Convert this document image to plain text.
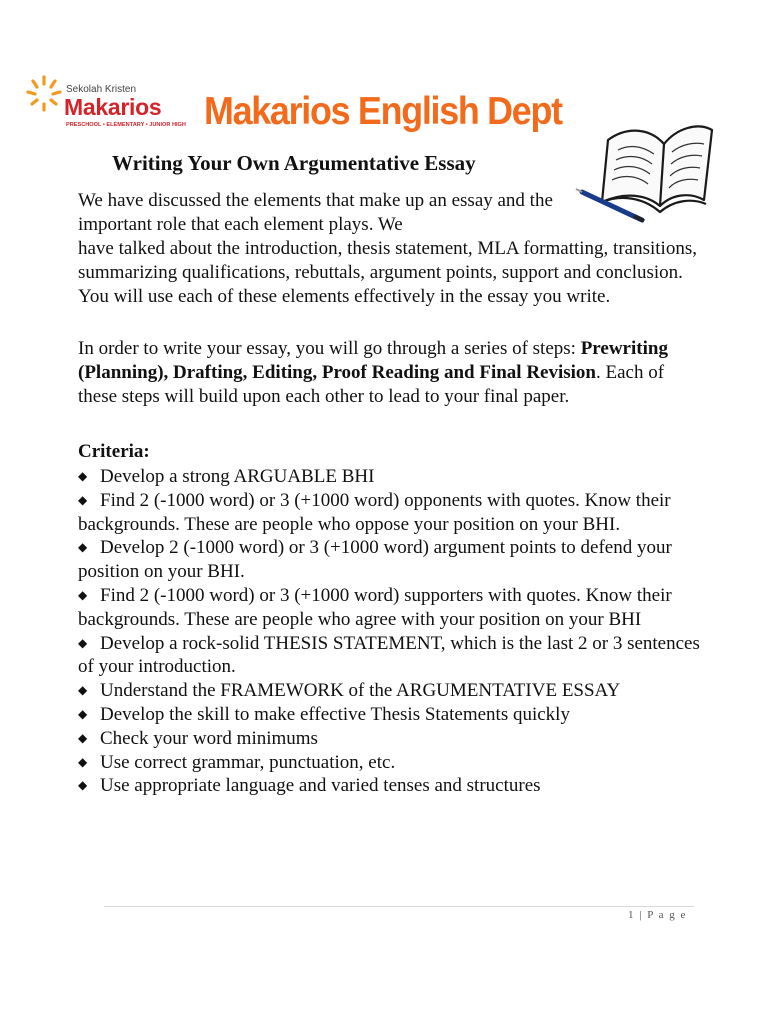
Sekolah Kristen
Makarios
PRESCHOOL • ELEMENTARY • JUNIOR HIGH Makarios English Dept
Writing Your Own Argumentative Essay

We have discussed the elements that make up an essay and the important role that each element plays. We
have talked about the introduction, thesis statement, MLA formatting, transitions, summarizing qualifications, rebuttals, argument points, support and conclusion. You will use each of these elements effectively in the essay you write.

In order to write your essay, you will go through a series of steps: Prewriting (Planning), Drafting, Editing, Proof Reading and Final Revision. Each of these steps will build upon each other to lead to your final paper.

Criteria:
◆ Develop a strong ARGUABLE BHI
◆ Find 2 (-1000 word) or 3 (+1000 word) opponents with quotes. Know their backgrounds. These are people who oppose your position on your BHI.
◆ Develop 2 (-1000 word) or 3 (+1000 word) argument points to defend your position on your BHI.
◆ Find 2 (-1000 word) or 3 (+1000 word) supporters with quotes. Know their backgrounds. These are people who agree with your position on your BHI
◆ Develop a rock-solid THESIS STATEMENT, which is the last 2 or 3 sentences of your introduction.
◆ Understand the FRAMEWORK of the ARGUMENTATIVE ESSAY
◆ Develop the skill to make effective Thesis Statements quickly
◆ Check your word minimums
◆ Use correct grammar, punctuation, etc.
◆ Use appropriate language and varied tenses and structures
1 | P a g e
